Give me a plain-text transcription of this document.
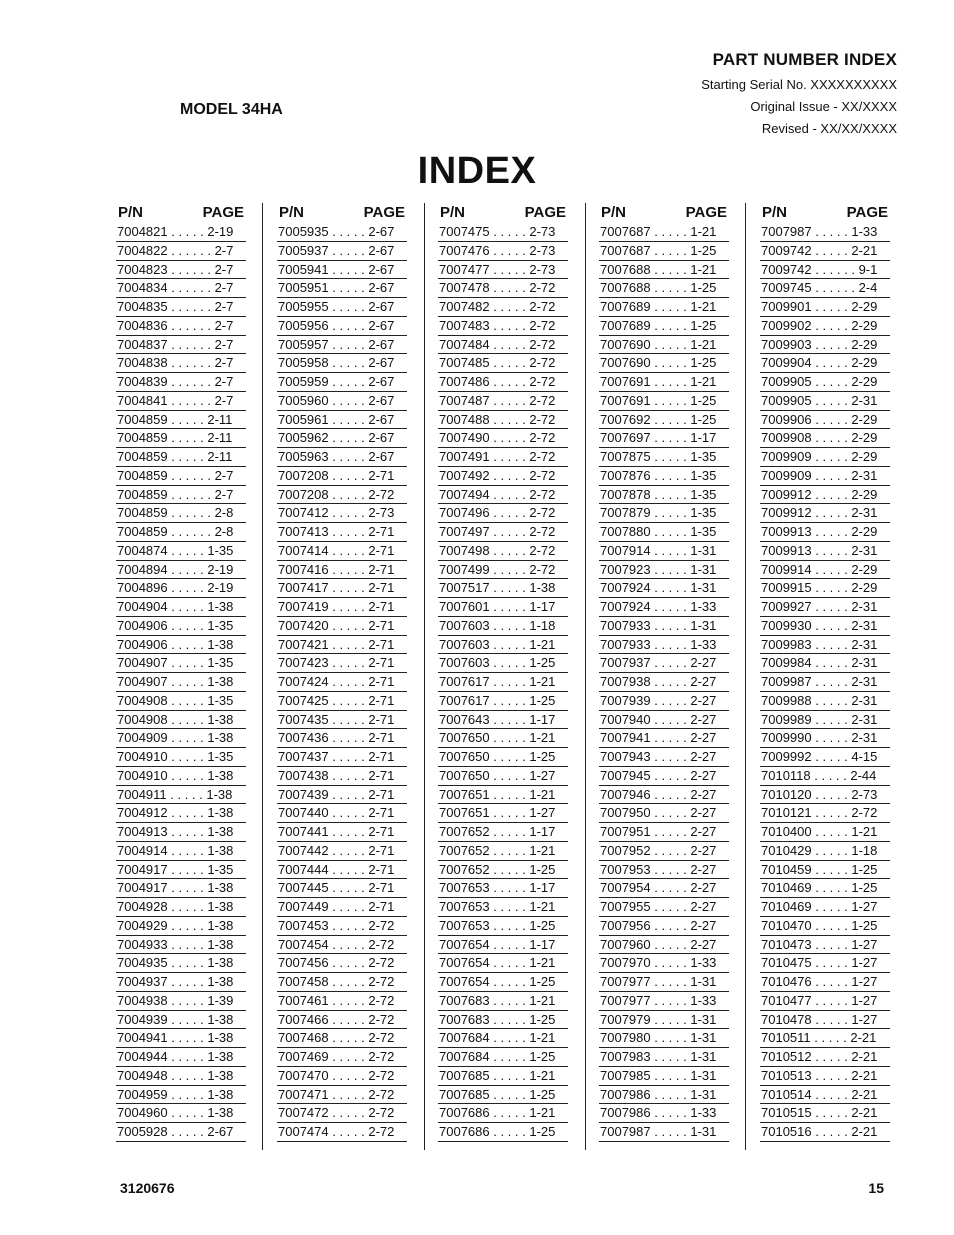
PART NUMBER INDEX
Starting Serial No. XXXXXXXXXX
Original Issue - XX/XXXX
Revised - XX/XX/XXXX
MODEL 34HA
INDEX
P/N	PAGE
7004821 . . . . . 2-19
7004822 . . . . . . 2-7
7004823 . . . . . . 2-7
7004834 . . . . . . 2-7
7004835 . . . . . . 2-7
7004836 . . . . . . 2-7
7004837 . . . . . . 2-7
7004838 . . . . . . 2-7
7004839 . . . . . . 2-7
7004841 . . . . . . 2-7
7004859 . . . . . 2-11
7004859 . . . . . 2-11
7004859 . . . . . 2-11
7004859 . . . . . . 2-7
7004859 . . . . . . 2-7
7004859 . . . . . . 2-8
7004859 . . . . . . 2-8
7004874 . . . . . 1-35
7004894 . . . . . 2-19
7004896 . . . . . 2-19
7004904 . . . . . 1-38
7004906 . . . . . 1-35
7004906 . . . . . 1-38
7004907 . . . . . 1-35
7004907 . . . . . 1-38
7004908 . . . . . 1-35
7004908 . . . . . 1-38
7004909 . . . . . 1-38
7004910 . . . . . 1-35
7004910 . . . . . 1-38
7004911 . . . . . 1-38
7004912 . . . . . 1-38
7004913 . . . . . 1-38
7004914 . . . . . 1-38
7004917 . . . . . 1-35
7004917 . . . . . 1-38
7004928 . . . . . 1-38
7004929 . . . . . 1-38
7004933 . . . . . 1-38
7004935 . . . . . 1-38
7004937 . . . . . 1-38
7004938 . . . . . 1-39
7004939 . . . . . 1-38
7004941 . . . . . 1-38
7004944 . . . . . 1-38
7004948 . . . . . 1-38
7004959 . . . . . 1-38
7004960 . . . . . 1-38
7005928 . . . . . 2-67
P/N	PAGE
7005935 . . . . . 2-67
7005937 . . . . . 2-67
7005941 . . . . . 2-67
7005951 . . . . . 2-67
7005955 . . . . . 2-67
7005956 . . . . . 2-67
7005957 . . . . . 2-67
7005958 . . . . . 2-67
7005959 . . . . . 2-67
7005960 . . . . . 2-67
7005961 . . . . . 2-67
7005962 . . . . . 2-67
7005963 . . . . . 2-67
7007208 . . . . . 2-71
7007208 . . . . . 2-72
7007412 . . . . . 2-73
7007413 . . . . . 2-71
7007414 . . . . . 2-71
7007416 . . . . . 2-71
7007417 . . . . . 2-71
7007419 . . . . . 2-71
7007420 . . . . . 2-71
7007421 . . . . . 2-71
7007423 . . . . . 2-71
7007424 . . . . . 2-71
7007425 . . . . . 2-71
7007435 . . . . . 2-71
7007436 . . . . . 2-71
7007437 . . . . . 2-71
7007438 . . . . . 2-71
7007439 . . . . . 2-71
7007440 . . . . . 2-71
7007441 . . . . . 2-71
7007442 . . . . . 2-71
7007444 . . . . . 2-71
7007445 . . . . . 2-71
7007449 . . . . . 2-71
7007453 . . . . . 2-72
7007454 . . . . . 2-72
7007456 . . . . . 2-72
7007458 . . . . . 2-72
7007461 . . . . . 2-72
7007466 . . . . . 2-72
7007468 . . . . . 2-72
7007469 . . . . . 2-72
7007470 . . . . . 2-72
7007471 . . . . . 2-72
7007472 . . . . . 2-72
7007474 . . . . . 2-72
P/N	PAGE
7007475 . . . . . 2-73
7007476 . . . . . 2-73
7007477 . . . . . 2-73
7007478 . . . . . 2-72
7007482 . . . . . 2-72
7007483 . . . . . 2-72
7007484 . . . . . 2-72
7007485 . . . . . 2-72
7007486 . . . . . 2-72
7007487 . . . . . 2-72
7007488 . . . . . 2-72
7007490 . . . . . 2-72
7007491 . . . . . 2-72
7007492 . . . . . 2-72
7007494 . . . . . 2-72
7007496 . . . . . 2-72
7007497 . . . . . 2-72
7007498 . . . . . 2-72
7007499 . . . . . 2-72
7007517 . . . . . 1-38
7007601 . . . . . 1-17
7007603 . . . . . 1-18
7007603 . . . . . 1-21
7007603 . . . . . 1-25
7007617 . . . . . 1-21
7007617 . . . . . 1-25
7007643 . . . . . 1-17
7007650 . . . . . 1-21
7007650 . . . . . 1-25
7007650 . . . . . 1-27
7007651 . . . . . 1-21
7007651 . . . . . 1-27
7007652 . . . . . 1-17
7007652 . . . . . 1-21
7007652 . . . . . 1-25
7007653 . . . . . 1-17
7007653 . . . . . 1-21
7007653 . . . . . 1-25
7007654 . . . . . 1-17
7007654 . . . . . 1-21
7007654 . . . . . 1-25
7007683 . . . . . 1-21
7007683 . . . . . 1-25
7007684 . . . . . 1-21
7007684 . . . . . 1-25
7007685 . . . . . 1-21
7007685 . . . . . 1-25
7007686 . . . . . 1-21
7007686 . . . . . 1-25
P/N	PAGE
7007687 . . . . . 1-21
7007687 . . . . . 1-25
7007688 . . . . . 1-21
7007688 . . . . . 1-25
7007689 . . . . . 1-21
7007689 . . . . . 1-25
7007690 . . . . . 1-21
7007690 . . . . . 1-25
7007691 . . . . . 1-21
7007691 . . . . . 1-25
7007692 . . . . . 1-25
7007697 . . . . . 1-17
7007875 . . . . . 1-35
7007876 . . . . . 1-35
7007878 . . . . . 1-35
7007879 . . . . . 1-35
7007880 . . . . . 1-35
7007914 . . . . . 1-31
7007923 . . . . . 1-31
7007924 . . . . . 1-31
7007924 . . . . . 1-33
7007933 . . . . . 1-31
7007933 . . . . . 1-33
7007937 . . . . . 2-27
7007938 . . . . . 2-27
7007939 . . . . . 2-27
7007940 . . . . . 2-27
7007941 . . . . . 2-27
7007943 . . . . . 2-27
7007945 . . . . . 2-27
7007946 . . . . . 2-27
7007950 . . . . . 2-27
7007951 . . . . . 2-27
7007952 . . . . . 2-27
7007953 . . . . . 2-27
7007954 . . . . . 2-27
7007955 . . . . . 2-27
7007956 . . . . . 2-27
7007960 . . . . . 2-27
7007970 . . . . . 1-33
7007977 . . . . . 1-31
7007977 . . . . . 1-33
7007979 . . . . . 1-31
7007980 . . . . . 1-31
7007983 . . . . . 1-31
7007985 . . . . . 1-31
7007986 . . . . . 1-31
7007986 . . . . . 1-33
7007987 . . . . . 1-31
P/N	PAGE
7007987 . . . . . 1-33
7009742 . . . . . 2-21
7009742 . . . . . . 9-1
7009745 . . . . . . 2-4
7009901 . . . . . 2-29
7009902 . . . . . 2-29
7009903 . . . . . 2-29
7009904 . . . . . 2-29
7009905 . . . . . 2-29
7009905 . . . . . 2-31
7009906 . . . . . 2-29
7009908 . . . . . 2-29
7009909 . . . . . 2-29
7009909 . . . . . 2-31
7009912 . . . . . 2-29
7009912 . . . . . 2-31
7009913 . . . . . 2-29
7009913 . . . . . 2-31
7009914 . . . . . 2-29
7009915 . . . . . 2-29
7009927 . . . . . 2-31
7009930 . . . . . 2-31
7009983 . . . . . 2-31
7009984 . . . . . 2-31
7009987 . . . . . 2-31
7009988 . . . . . 2-31
7009989 . . . . . 2-31
7009990 . . . . . 2-31
7009992 . . . . . 4-15
7010118 . . . . . 2-44
7010120 . . . . . 2-73
7010121 . . . . . 2-72
7010400 . . . . . 1-21
7010429 . . . . . 1-18
7010459 . . . . . 1-25
7010469 . . . . . 1-25
7010469 . . . . . 1-27
7010470 . . . . . 1-25
7010473 . . . . . 1-27
7010475 . . . . . 1-27
7010476 . . . . . 1-27
7010477 . . . . . 1-27
7010478 . . . . . 1-27
7010511 . . . . . 2-21
7010512 . . . . . 2-21
7010513 . . . . . 2-21
7010514 . . . . . 2-21
7010515 . . . . . 2-21
7010516 . . . . . 2-21
3120676	15
